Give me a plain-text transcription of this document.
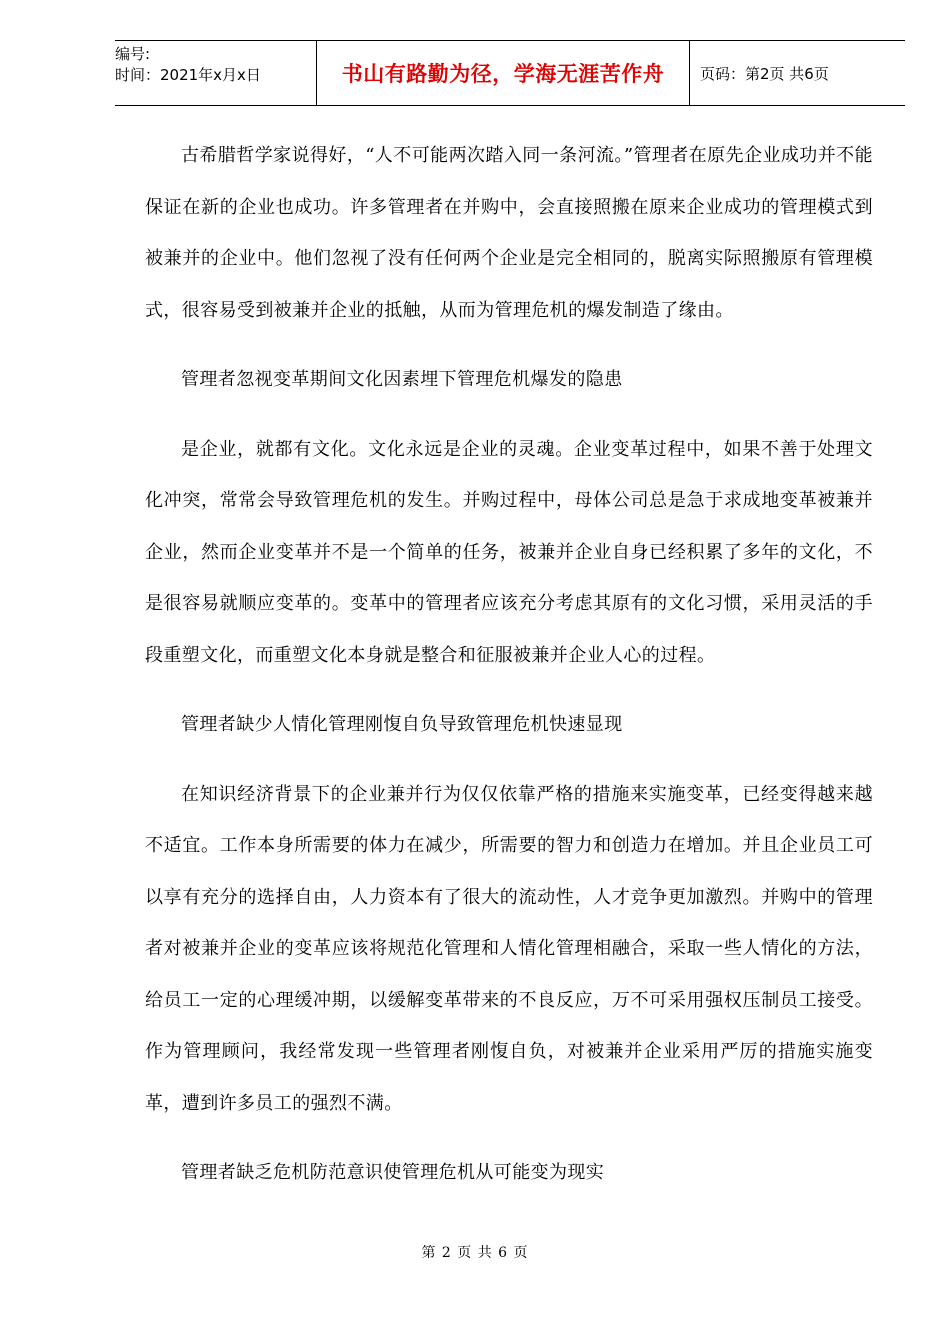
编号:
时间：2021年x月x日	书山有路勤为径，学海无涯苦作舟	页码：第2页 共6页

古希腊哲学家说得好，“人不可能两次踏入同一条河流。”管理者在原先企业成功并不能保证在新的企业也成功。许多管理者在并购中，会直接照搬在原来企业成功的管理模式到被兼并的企业中。他们忽视了没有任何两个企业是完全相同的，脱离实际照搬原有管理模式，很容易受到被兼并企业的抵触，从而为管理危机的爆发制造了缘由。

管理者忽视变革期间文化因素埋下管理危机爆发的隐患

是企业，就都有文化。文化永远是企业的灵魂。企业变革过程中，如果不善于处理文化冲突，常常会导致管理危机的发生。并购过程中，母体公司总是急于求成地变革被兼并企业，然而企业变革并不是一个简单的任务，被兼并企业自身已经积累了多年的文化，不是很容易就顺应变革的。变革中的管理者应该充分考虑其原有的文化习惯，采用灵活的手段重塑文化，而重塑文化本身就是整合和征服被兼并企业人心的过程。

管理者缺少人情化管理刚愎自负导致管理危机快速显现

在知识经济背景下的企业兼并行为仅仅依靠严格的措施来实施变革，已经变得越来越不适宜。工作本身所需要的体力在减少，所需要的智力和创造力在增加。并且企业员工可以享有充分的选择自由，人力资本有了很大的流动性，人才竞争更加激烈。并购中的管理者对被兼并企业的变革应该将规范化管理和人情化管理相融合，采取一些人情化的方法，给员工一定的心理缓冲期，以缓解变革带来的不良反应，万不可采用强权压制员工接受。作为管理顾问，我经常发现一些管理者刚愎自负，对被兼并企业采用严厉的措施实施变革，遭到许多员工的强烈不满。

管理者缺乏危机防范意识使管理危机从可能变为现实

第 2 页 共 6 页
